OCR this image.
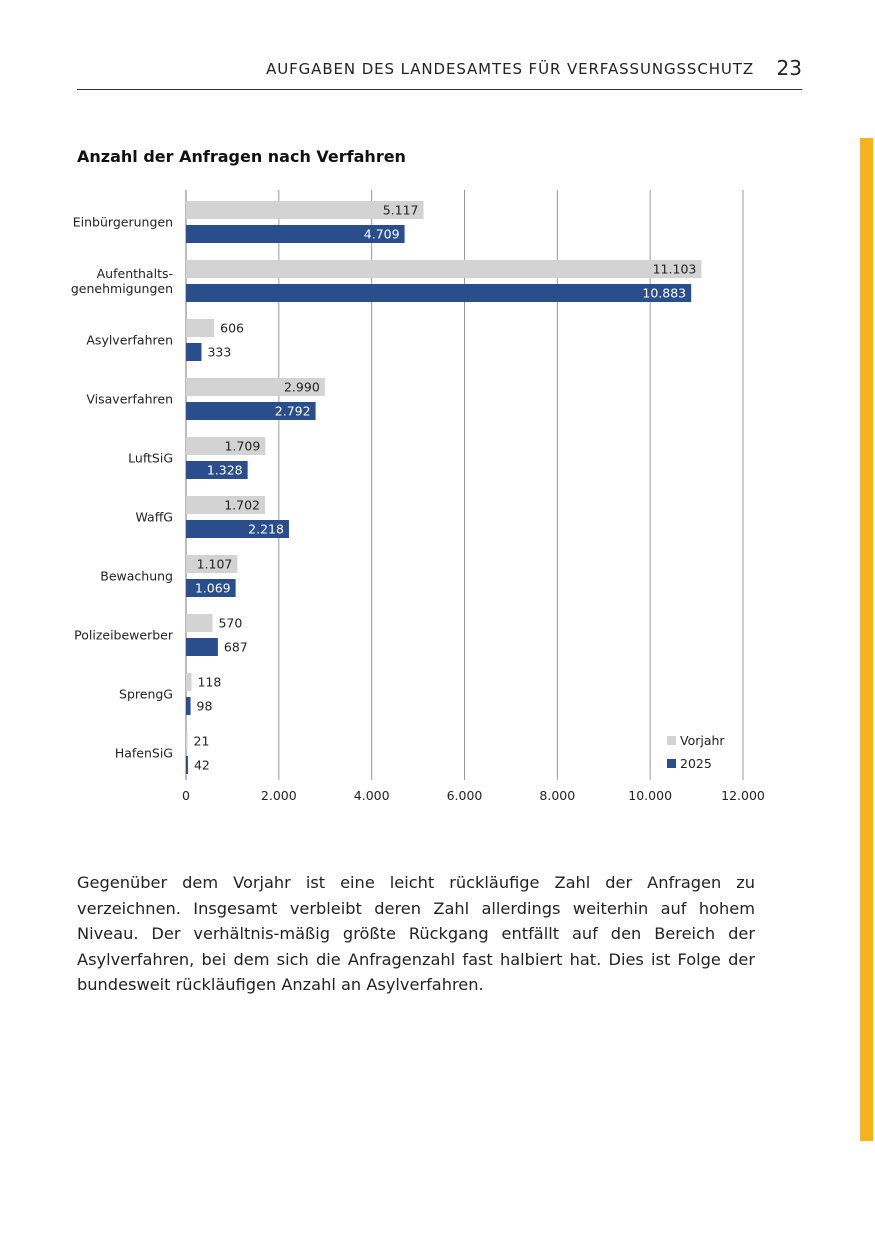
AUFGABEN DES LANDESAMTES FÜR VERFASSUNGSSCHUTZ 23
Anzahl der Anfragen nach Verfahren
0	2.000	4.000	6.000	8.000	10.000	12.000
5.117
4.709
Einbürgerungen
11.103
10.883
Aufenthalts-
genehmigungen
606
333
Asylverfahren
2.990
2.792
Visaverfahren
1.709
1.328
LuftSiG
1.702
2.218
WaffG
1.107
1.069
Bewachung
570
687
Polizeibewerber
118
98
SprengG
21
42
HafenSiG
Vorjahr
2025
Gegenüber dem Vorjahr ist eine leicht rückläufige Zahl der Anfragen zu verzeichnen. Insgesamt verbleibt deren Zahl allerdings weiterhin auf hohem Niveau. Der verhältnis-mäßig größte Rückgang entfällt auf den Bereich der Asylverfahren, bei dem sich die Anfragenzahl fast halbiert hat. Dies ist Folge der bundesweit rückläufigen Anzahl an Asylverfahren.
